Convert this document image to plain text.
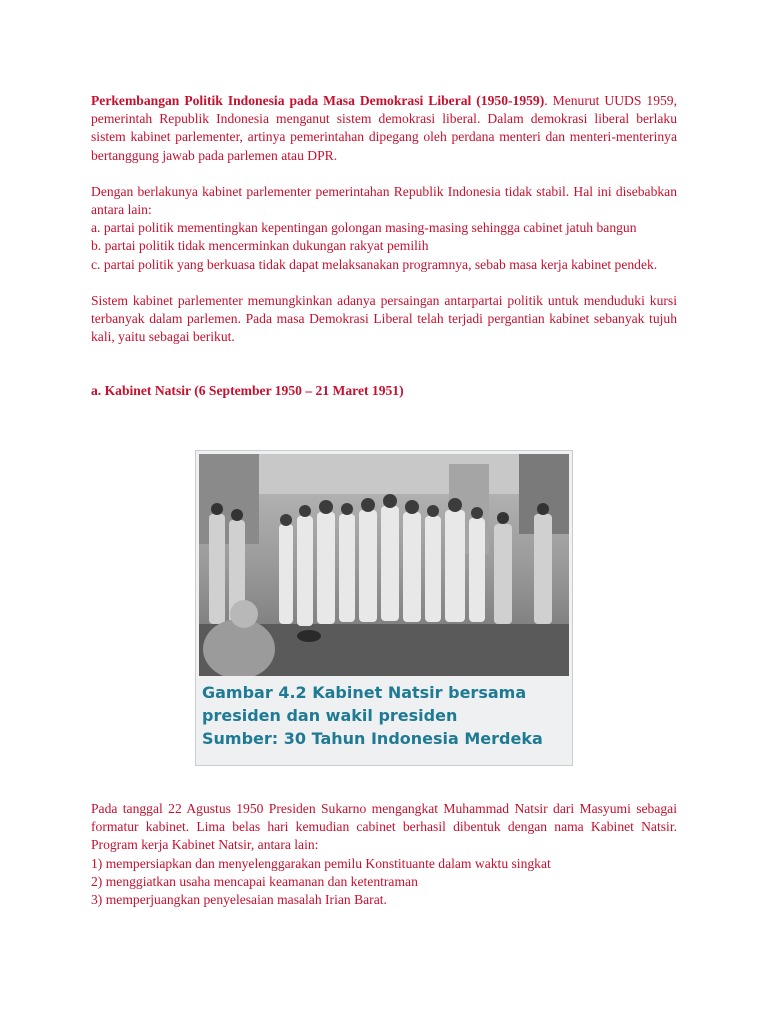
Perkembangan Politik Indonesia pada Masa Demokrasi Liberal (1950-1959). Menurut UUDS 1959, pemerintah Republik Indonesia menganut sistem demokrasi liberal. Dalam demokrasi liberal berlaku sistem kabinet parlementer, artinya pemerintahan dipegang oleh perdana menteri dan menteri-menterinya bertanggung jawab pada parlemen atau DPR.

Dengan berlakunya kabinet parlementer pemerintahan Republik Indonesia tidak stabil. Hal ini disebabkan antara lain:

a. partai politik mementingkan kepentingan golongan masing-masing sehingga cabinet jatuh bangun

b. partai politik tidak mencerminkan dukungan rakyat pemilih

c. partai politik yang berkuasa tidak dapat melaksanakan programnya, sebab masa kerja kabinet pendek.

Sistem kabinet parlementer memungkinkan adanya persaingan antarpartai politik untuk menduduki kursi terbanyak dalam parlemen. Pada masa Demokrasi Liberal telah terjadi pergantian kabinet sebanyak tujuh kali, yaitu sebagai berikut.

a. Kabinet Natsir (6 September 1950 – 21 Maret 1951)

Gambar 4.2 Kabinet Natsir bersama
presiden dan wakil presiden
Sumber: 30 Tahun Indonesia Merdeka

Pada tanggal 22 Agustus 1950 Presiden Sukarno mengangkat Muhammad Natsir dari Masyumi sebagai formatur kabinet. Lima belas hari kemudian cabinet berhasil dibentuk dengan nama Kabinet Natsir. Program kerja Kabinet Natsir, antara lain:

1) mempersiapkan dan menyelenggarakan pemilu Konstituante dalam waktu singkat

2) menggiatkan usaha mencapai keamanan dan ketentraman

3) memperjuangkan penyelesaian masalah Irian Barat.
